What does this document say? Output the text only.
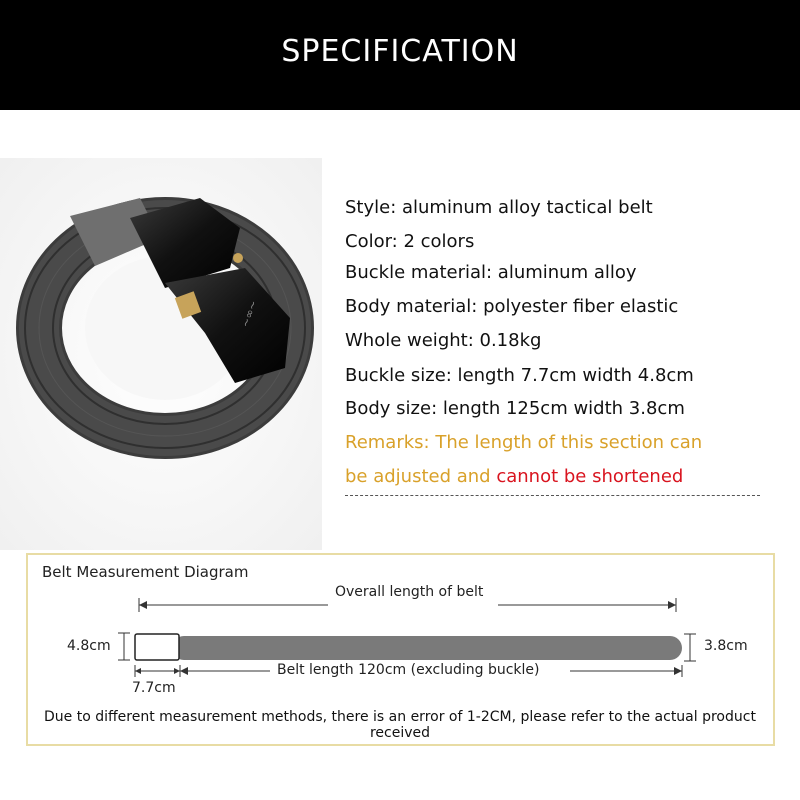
SPECIFICATION
~∞~
Style: aluminum alloy tactical belt
Color: 2 colors
Buckle material: aluminum alloy
Body material: polyester fiber elastic
Whole weight: 0.18kg
Buckle size: length 7.7cm width 4.8cm
Body size: length 125cm width 3.8cm
Remarks: The length of this section can
be adjusted and cannot be shortened
Belt Measurement Diagram
Overall length of belt
4.8cm	3.8cm
Belt length 120cm (excluding buckle)
7.7cm
Due to different measurement methods, there is an error of 1-2CM, please refer to the actual product received
